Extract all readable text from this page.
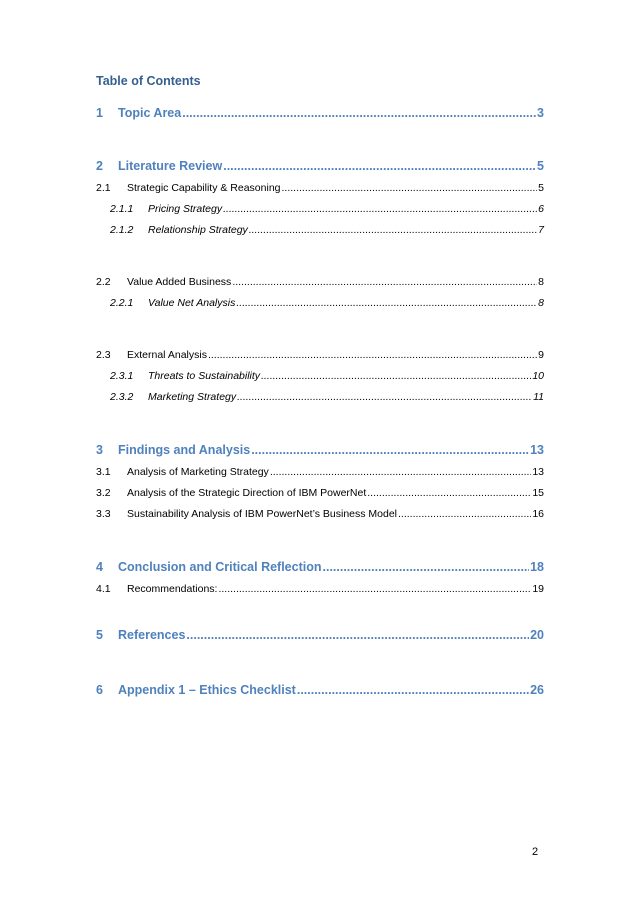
Table of Contents
1	Topic Area .....	3
2	Literature Review .....	5
2.1	Strategic Capability & Reasoning .....	5
2.1.1	Pricing Strategy .....	6
2.1.2	Relationship Strategy .....	7
2.2	Value Added Business .....	8
2.2.1	Value Net Analysis .....	8
2.3	External Analysis .....	9
2.3.1	Threats to Sustainability .....	10
2.3.2	Marketing Strategy .....	11
3	Findings and Analysis .....	13
3.1	Analysis of Marketing Strategy .....	13
3.2	Analysis of the Strategic Direction of IBM PowerNet .....	15
3.3	Sustainability Analysis of IBM PowerNet’s Business Model .....	16
4	Conclusion and Critical Reflection .....	18
4.1	Recommendations: .....	19
5	References .....	20
6	Appendix 1 – Ethics Checklist .....	26
2
